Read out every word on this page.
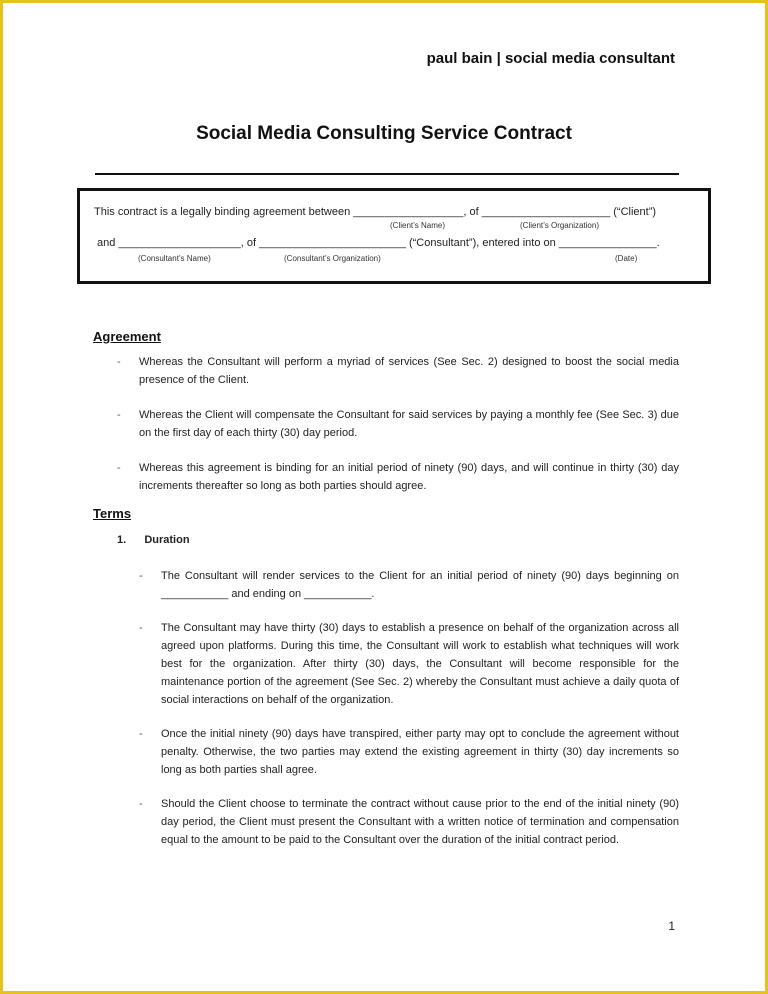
paul bain | social media consultant
Social Media Consulting Service Contract
This contract is a legally binding agreement between __________________, of _____________________ (“Client”)
(Client’s Name)	(Client’s Organization)
and ____________________, of ________________________ (“Consultant”), entered into on ________________.
(Consultant’s Name)	(Consultant’s Organization)	(Date)
Agreement
- Whereas the Consultant will perform a myriad of services (See Sec. 2) designed to boost the social media presence of the Client.
- Whereas the Client will compensate the Consultant for said services by paying a monthly fee (See Sec. 3) due on the first day of each thirty (30) day period.
- Whereas this agreement is binding for an initial period of ninety (90) days, and will continue in thirty (30) day increments thereafter so long as both parties should agree.
Terms
1. Duration
- The Consultant will render services to the Client for an initial period of ninety (90) days beginning on ___________ and ending on ___________.
- The Consultant may have thirty (30) days to establish a presence on behalf of the organization across all agreed upon platforms. During this time, the Consultant will work to establish what techniques will work best for the organization. After thirty (30) days, the Consultant will become responsible for the maintenance portion of the agreement (See Sec. 2) whereby the Consultant must achieve a daily quota of social interactions on behalf of the organization.
- Once the initial ninety (90) days have transpired, either party may opt to conclude the agreement without penalty. Otherwise, the two parties may extend the existing agreement in thirty (30) day increments so long as both parties shall agree.
- Should the Client choose to terminate the contract without cause prior to the end of the initial ninety (90) day period, the Client must present the Consultant with a written notice of termination and compensation equal to the amount to be paid to the Consultant over the duration of the initial contract period.
1
